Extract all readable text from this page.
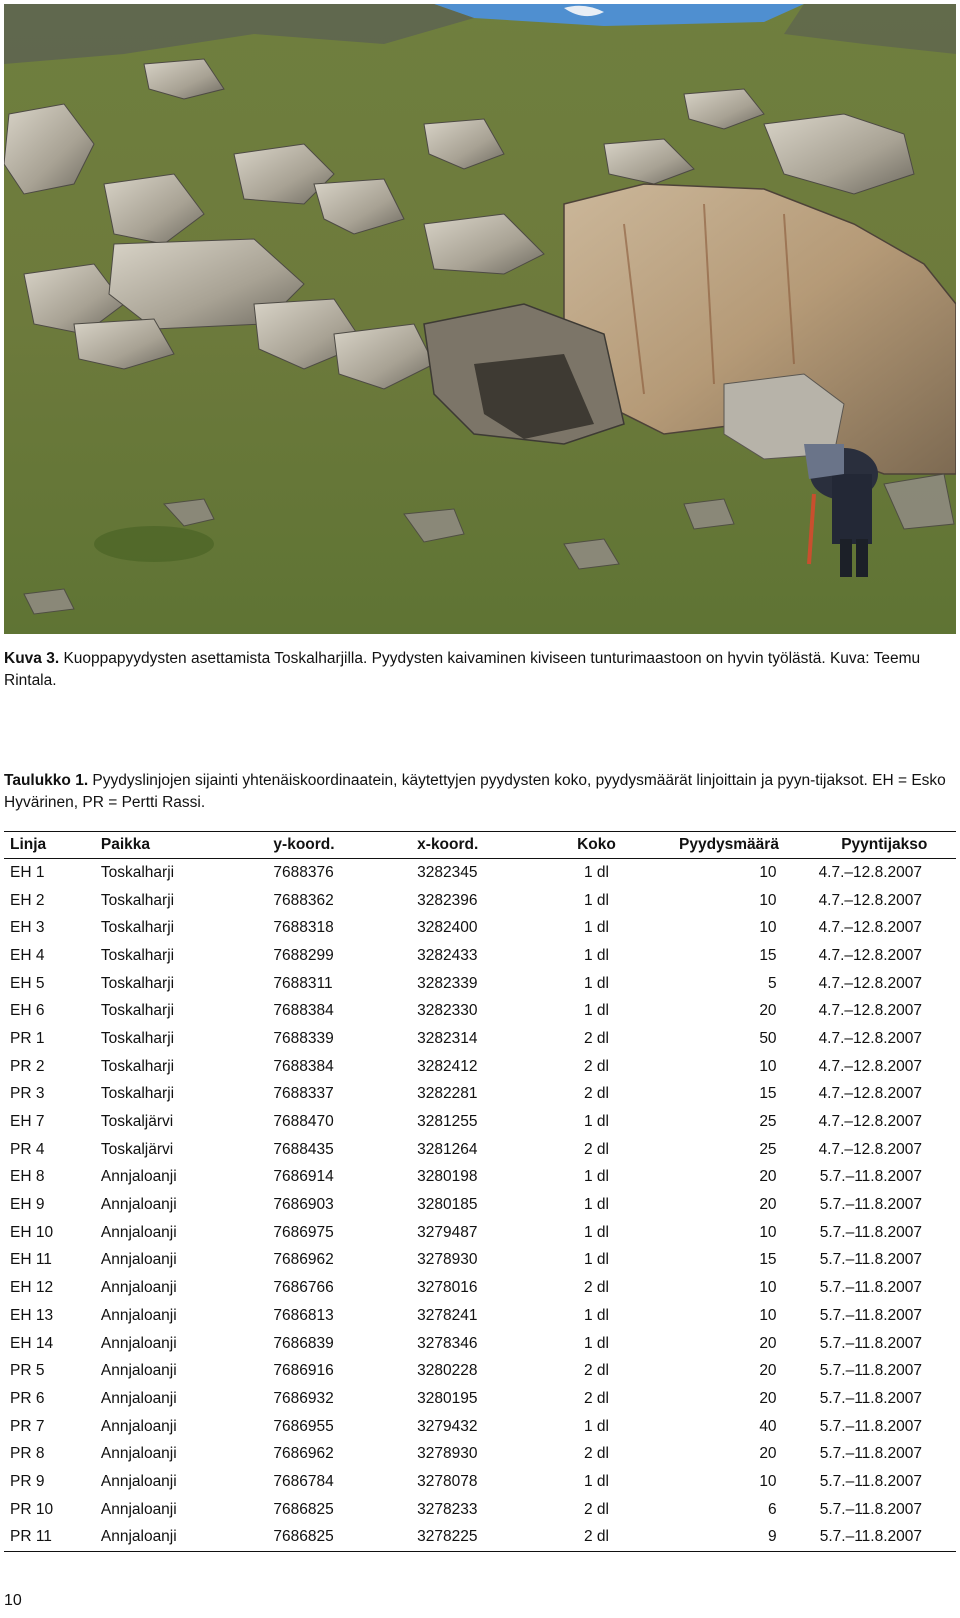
Kuva 3. Kuoppapyydysten asettamista Toskalharjilla. Pyydysten kaivaminen kiviseen tunturimaastoon on hyvin työlästä. Kuva: Teemu Rintala.
Taulukko 1. Pyydyslinjojen sijainti yhtenäiskoordinaatein, käytettyjen pyydysten koko, pyydysmäärät linjoittain ja pyyn-tijaksot. EH = Esko Hyvärinen, PR = Pertti Rassi.
Linja	Paikka	y-koord.	x-koord.	Koko	Pyydysmäärä	Pyyntijakso
EH 1	Toskalharji	7688376	3282345	1 dl	10	4.7.–12.8.2007
EH 2	Toskalharji	7688362	3282396	1 dl	10	4.7.–12.8.2007
EH 3	Toskalharji	7688318	3282400	1 dl	10	4.7.–12.8.2007
EH 4	Toskalharji	7688299	3282433	1 dl	15	4.7.–12.8.2007
EH 5	Toskalharji	7688311	3282339	1 dl	5	4.7.–12.8.2007
EH 6	Toskalharji	7688384	3282330	1 dl	20	4.7.–12.8.2007
PR 1	Toskalharji	7688339	3282314	2 dl	50	4.7.–12.8.2007
PR 2	Toskalharji	7688384	3282412	2 dl	10	4.7.–12.8.2007
PR 3	Toskalharji	7688337	3282281	2 dl	15	4.7.–12.8.2007
EH 7	Toskaljärvi	7688470	3281255	1 dl	25	4.7.–12.8.2007
PR 4	Toskaljärvi	7688435	3281264	2 dl	25	4.7.–12.8.2007
EH 8	Annjaloanji	7686914	3280198	1 dl	20	5.7.–11.8.2007
EH 9	Annjaloanji	7686903	3280185	1 dl	20	5.7.–11.8.2007
EH 10	Annjaloanji	7686975	3279487	1 dl	10	5.7.–11.8.2007
EH 11	Annjaloanji	7686962	3278930	1 dl	15	5.7.–11.8.2007
EH 12	Annjaloanji	7686766	3278016	2 dl	10	5.7.–11.8.2007
EH 13	Annjaloanji	7686813	3278241	1 dl	10	5.7.–11.8.2007
EH 14	Annjaloanji	7686839	3278346	1 dl	20	5.7.–11.8.2007
PR 5	Annjaloanji	7686916	3280228	2 dl	20	5.7.–11.8.2007
PR 6	Annjaloanji	7686932	3280195	2 dl	20	5.7.–11.8.2007
PR 7	Annjaloanji	7686955	3279432	1 dl	40	5.7.–11.8.2007
PR 8	Annjaloanji	7686962	3278930	2 dl	20	5.7.–11.8.2007
PR 9	Annjaloanji	7686784	3278078	1 dl	10	5.7.–11.8.2007
PR 10	Annjaloanji	7686825	3278233	2 dl	6	5.7.–11.8.2007
PR 11	Annjaloanji	7686825	3278225	2 dl	9	5.7.–11.8.2007
10
